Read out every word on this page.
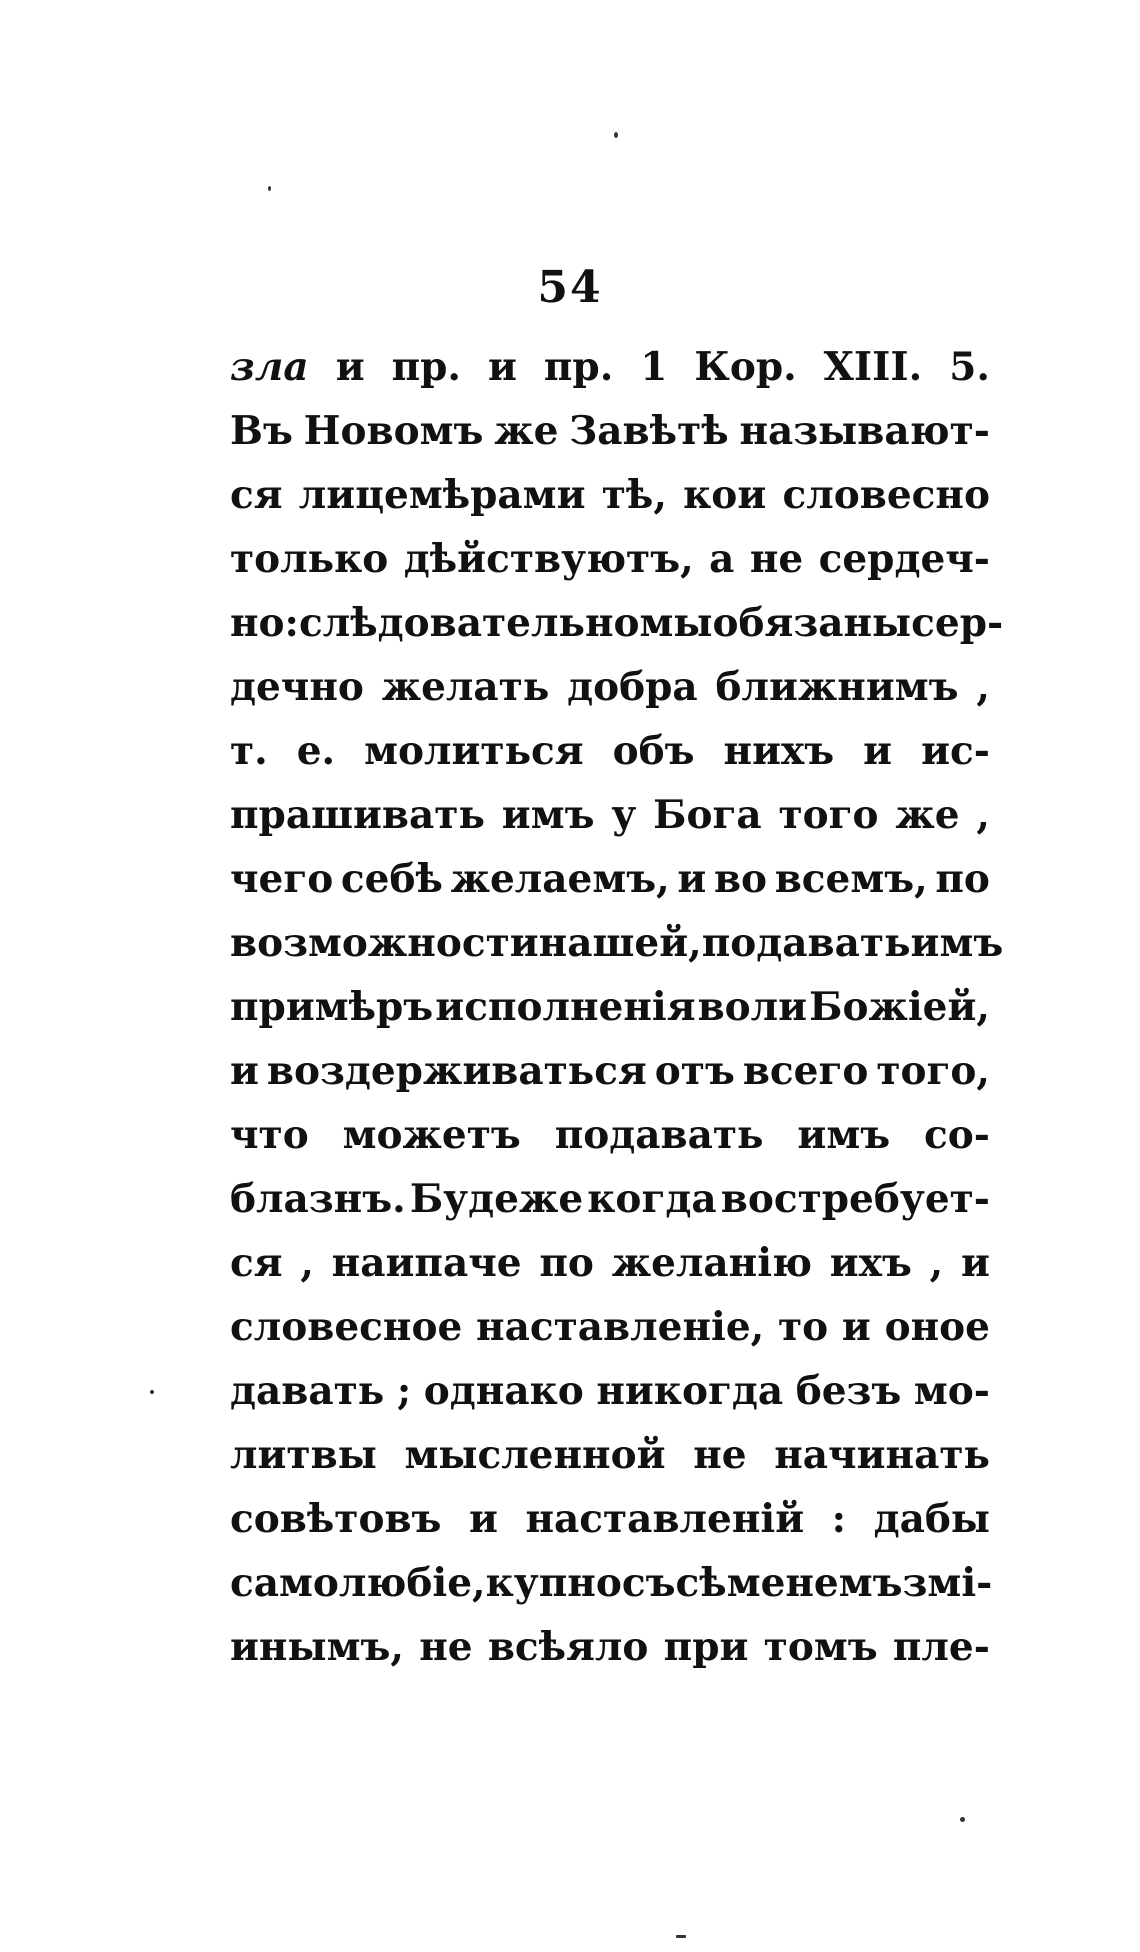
54
зла и пр. и пр. 1 Кор. XIII. 5.
Въ Новомъ же Завѣтѣ называют-
ся лицемѣрами тѣ, кои словесно
только дѣйствуютъ, а не сердеч-
но: слѣдовательно мы обязаны сер-
дечно желать добра ближнимъ ,
т. е. молиться объ нихъ и ис-
прашивать имъ у Бога того же ,
чего себѣ желаемъ, и во всемъ, по
возможности нашей, подавать имъ
примѣръ исполненія воли Божіей,
и воздерживаться отъ всего того,
что можетъ подавать имъ со-
блазнъ. Будеже когда востребует-
ся , наипаче по желанію ихъ , и
словесное наставленіе, то и оное
давать ; однако никогда безъ мо-
литвы мысленной не начинать
совѣтовъ и наставленій : дабы
самолюбіе, купно съ сѣменемъ змі-
инымъ, не всѣяло при томъ пле-
